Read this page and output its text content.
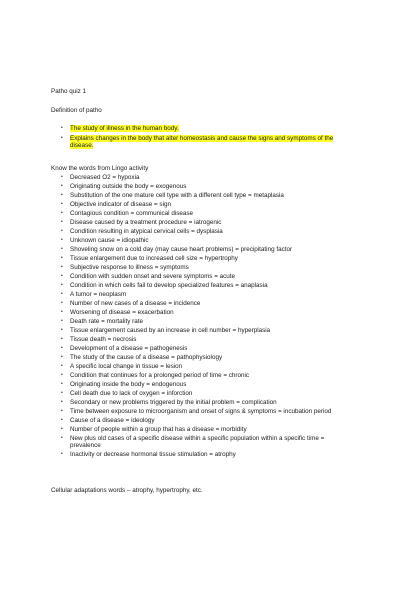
Patho quiz 1

Definition of patho

• The study of illness in the human body.
• Explains changes in the body that alter homeostasis and cause the signs and symptoms of the disease.

Know the words from Lingo activity

• Decreased O2 = hypoxia
• Originating outside the body = exogenous
• Substitution of the one mature cell type with a different cell type = metaplasia
• Objective indicator of disease = sign
• Contagious condition = communical disease
• Disease caused by a treatment procedure = iatrogenic
• Condition resulting in atypical cervical cells = dysplasia
• Unknown cause = idiopathic
• Shoveling snow on a cold day (may cause heart problems) = precipitating factor
• Tissue enlargement due to increased cell size = hypertrophy
• Subjective response to illness = symptoms
• Condition with sudden onset and severe symptoms = acute
• Condition in which cells fail to develop specialized features = anaplasia
• A tumor = neoplasm
• Number of new cases of a disease = incidence
• Worsening of disease = exacerbation
• Death rate = mortality rate
• Tissue enlargement caused by an increase in cell number = hyperplasia
• Tissue death = necrosis
• Development of a disease = pathogenesis
• The study of the cause of a disease = pathophysiology
• A specific local change in tissue = lesion
• Condition that continues for a prolonged period of time = chronic
• Originating inside the body = endogenous
• Cell death due to lack of oxygen = inforction
• Secondary or new problems triggered by the initial problem = complication
• Time between exposure to microorganism and onset of signs & symptoms = incubation period
• Cause of a disease = ideology
• Number of people within a group that has a disease = morbidity
• New plus old cases of a specific disease within a specific population within a specific time = prevalence
• Inactivity or decrease hormonal tissue stimulation = atrophy

Cellular adaptations words – atrophy, hypertrophy, etc.
